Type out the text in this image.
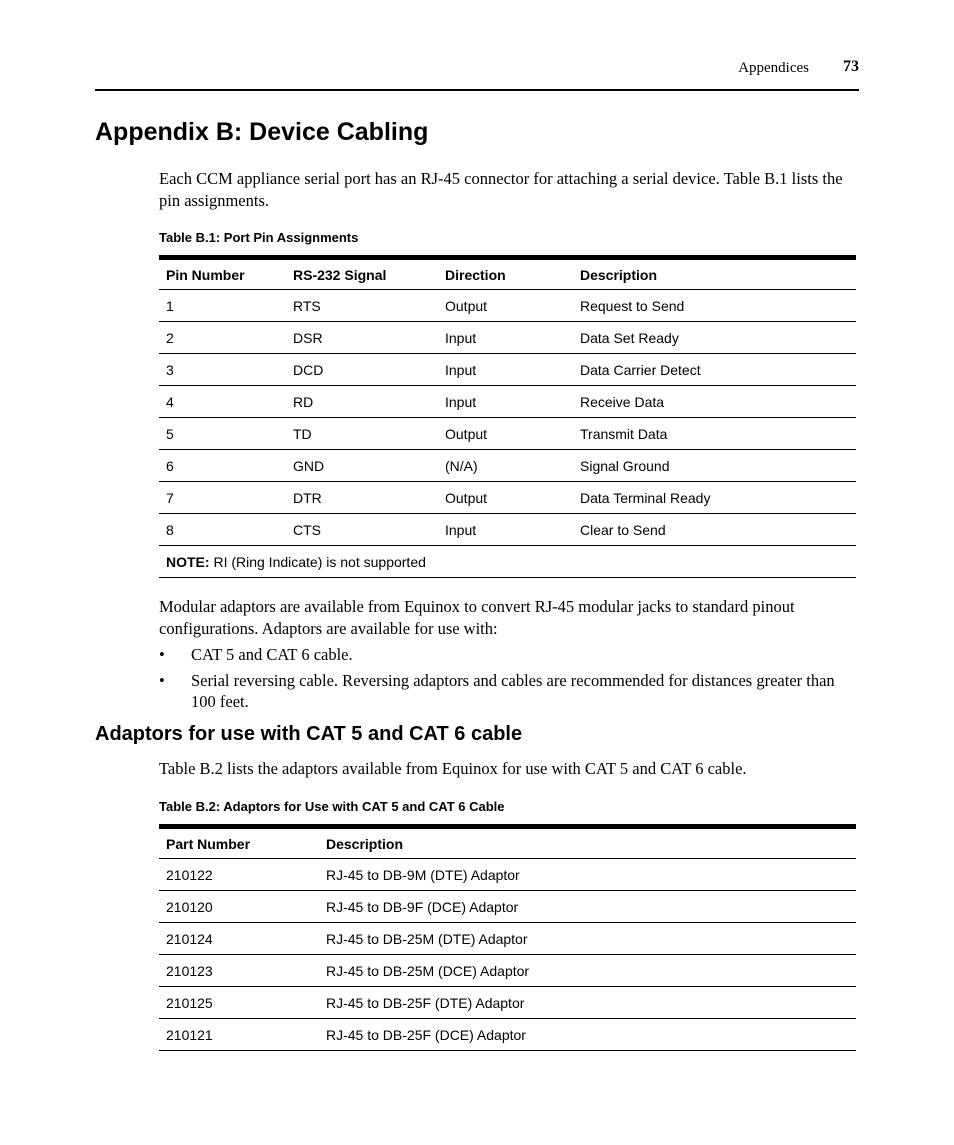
Appendices 73
Appendix B: Device Cabling

Each CCM appliance serial port has an RJ-45 connector for attaching a serial device. Table B.1 lists the pin assignments.

Table B.1: Port Pin Assignments

Pin Number	RS-232 Signal	Direction	Description
1	RTS	Output	Request to Send
2	DSR	Input	Data Set Ready
3	DCD	Input	Data Carrier Detect
4	RD	Input	Receive Data
5	TD	Output	Transmit Data
6	GND	(N/A)	Signal Ground
7	DTR	Output	Data Terminal Ready
8	CTS	Input	Clear to Send
NOTE: RI (Ring Indicate) is not supported			

Modular adaptors are available from Equinox to convert RJ-45 modular jacks to standard pinout configurations. Adaptors are available for use with:

• CAT 5 and CAT 6 cable.
• Serial reversing cable. Reversing adaptors and cables are recommended for distances greater than 100 feet.
Adaptors for use with CAT 5 and CAT 6 cable

Table B.2 lists the adaptors available from Equinox for use with CAT 5 and CAT 6 cable.

Table B.2: Adaptors for Use with CAT 5 and CAT 6 Cable

Part Number	Description
210122	RJ-45 to DB-9M (DTE) Adaptor
210120	RJ-45 to DB-9F (DCE) Adaptor
210124	RJ-45 to DB-25M (DTE) Adaptor
210123	RJ-45 to DB-25M (DCE) Adaptor
210125	RJ-45 to DB-25F (DTE) Adaptor
210121	RJ-45 to DB-25F (DCE) Adaptor
